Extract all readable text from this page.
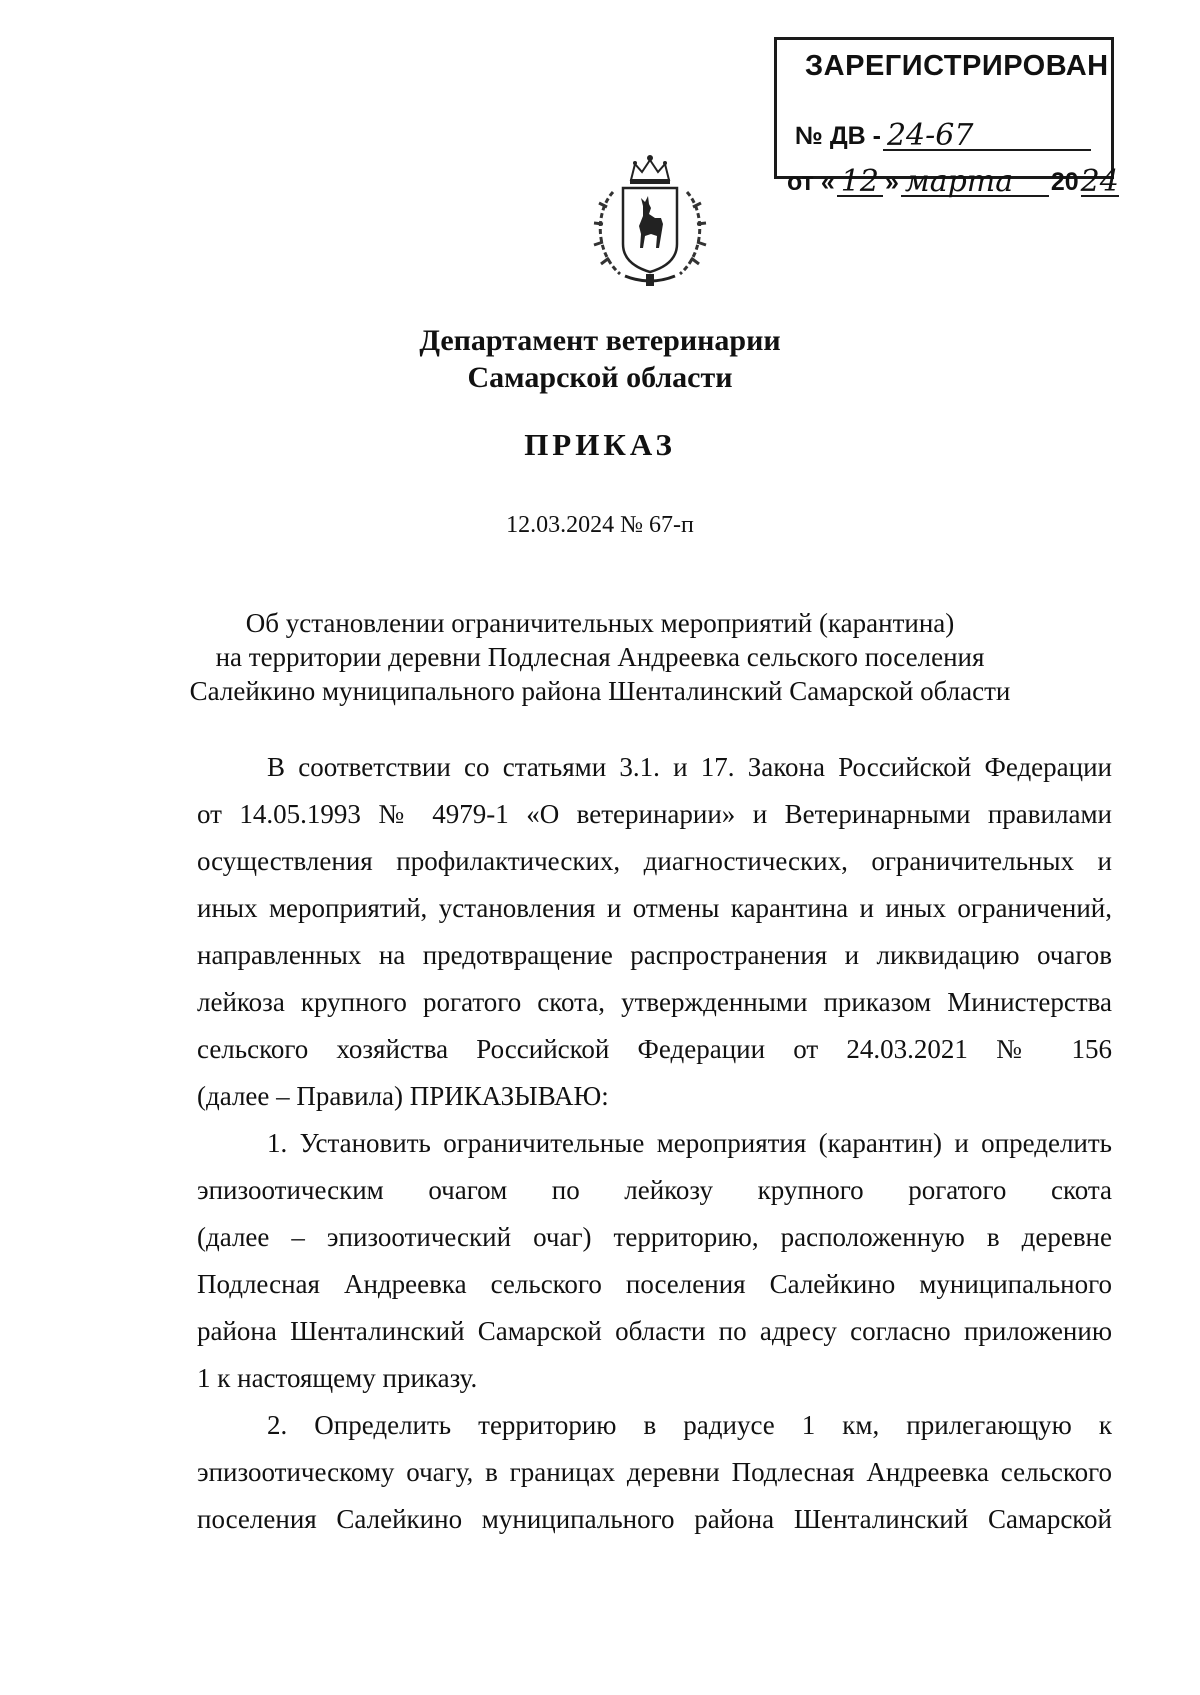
ЗАРЕГИСТРИРОВАН
№ ДВ - 24-67
от « 12 » марта	20 24
Департамент ветеринарии
Самарской области
ПРИКАЗ
12.03.2024 № 67-п
Об установлении ограничительных мероприятий (карантина)
на территории деревни Подлесная Андреевка сельского поселения
Салейкино муниципального района Шенталинский Самарской области
В соответствии со статьями 3.1. и 17. Закона Российской Федерации
от 14.05.1993 № 4979-1 «О ветеринарии» и Ветеринарными правилами
осуществления профилактических, диагностических, ограничительных и
иных мероприятий, установления и отмены карантина и иных ограничений,
направленных на предотвращение распространения и ликвидацию очагов
лейкоза крупного рогатого скота, утвержденными приказом Министерства
сельского хозяйства Российской Федерации от 24.03.2021 № 156
(далее – Правила) ПРИКАЗЫВАЮ:
1. Установить ограничительные мероприятия (карантин) и определить
эпизоотическим очагом по лейкозу крупного рогатого скота
(далее – эпизоотический очаг) территорию, расположенную в деревне
Подлесная Андреевка сельского поселения Салейкино муниципального
района Шенталинский Самарской области по адресу согласно приложению
1 к настоящему приказу.
2. Определить территорию в радиусе 1 км, прилегающую к
эпизоотическому очагу, в границах деревни Подлесная Андреевка сельского
поселения Салейкино муниципального района Шенталинский Самарской
